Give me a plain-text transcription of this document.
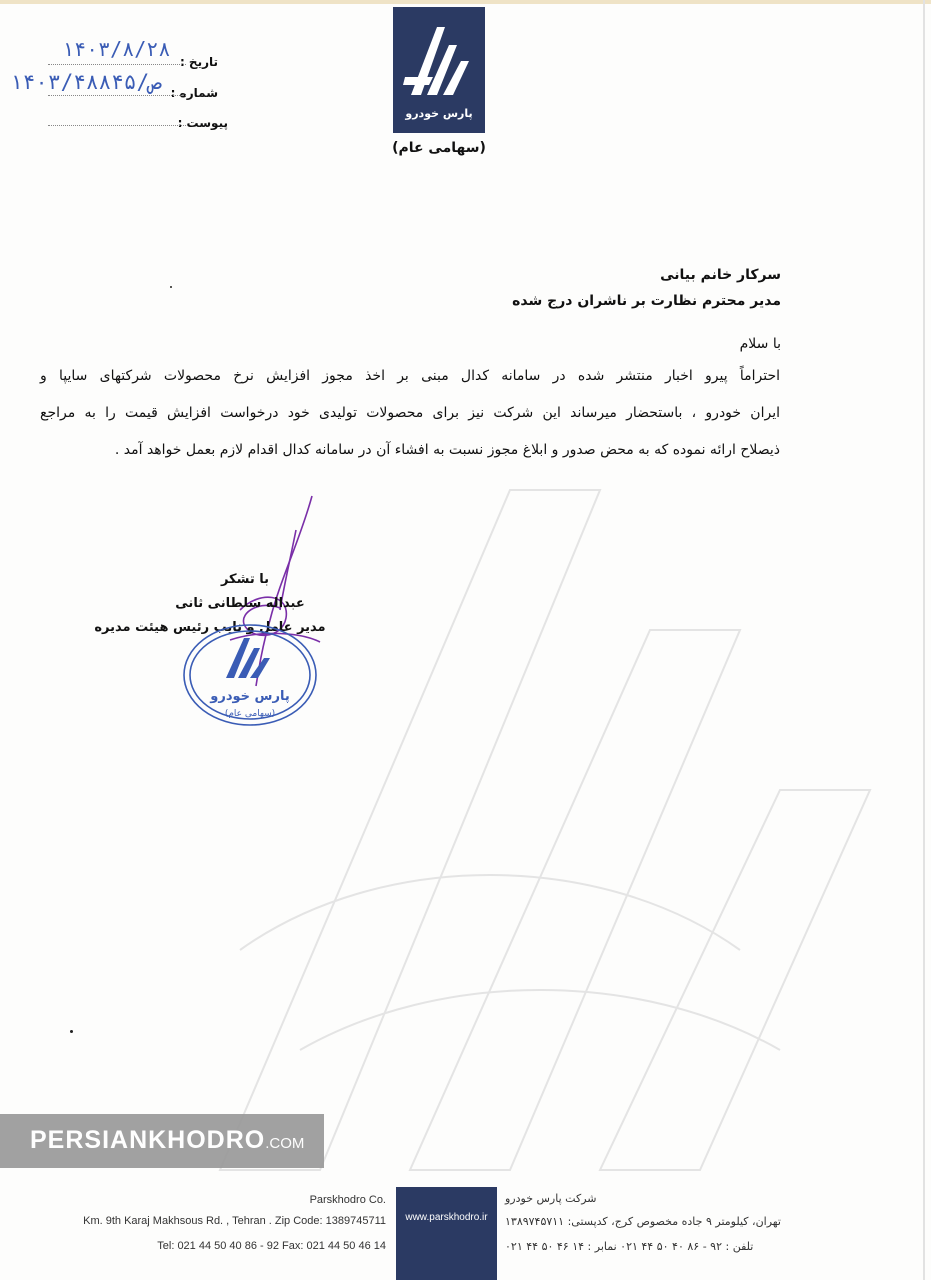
تاریخ :
۱۴۰۳/۸/۲۸
شماره :
۱۴۰۳/ص/۴۸۸۴۵
پیوست :
پارس خودرو
(سهامی عام)
سرکار خانم بیانی
مدیر محترم نظارت بر ناشران درج شده
با سلام
احتراماً پیرو اخبار منتشر شده در سامانه کدال مبنی بر اخذ مجوز افزایش نرخ محصولات شرکتهای سایپا و
ایران خودرو ، باستحضار میرساند این شرکت نیز برای محصولات تولیدی خود درخواست افزایش قیمت را به مراجع
ذیصلاح ارائه نموده که به محض صدور و ابلاغ مجوز نسبت به افشاء آن در سامانه کدال اقدام لازم بعمل خواهد آمد .
با تشکر
عبداله سلطانی ثانی
مدیر عامل و نایب رئیس هیئت مدیره
پارس خودرو
(سهامی عام)
PERSIANKHODRO.COM
Parskhodro Co.
Km. 9th Karaj Makhsous Rd. , Tehran . Zip Code: 1389745711
Tel: 021 44 50 40 86 - 92 Fax: 021 44 50 46 14
www.parskhodro.ir
شرکت پارس خودرو
تهران، کیلومتر ۹ جاده مخصوص کرج، کدپستی: ۱۳۸۹۷۴۵۷۱۱
تلفن : ۹۲ - ۸۶ ۴۰ ۵۰ ۴۴ ۰۲۱ نمابر : ۱۴ ۴۶ ۵۰ ۴۴ ۰۲۱
